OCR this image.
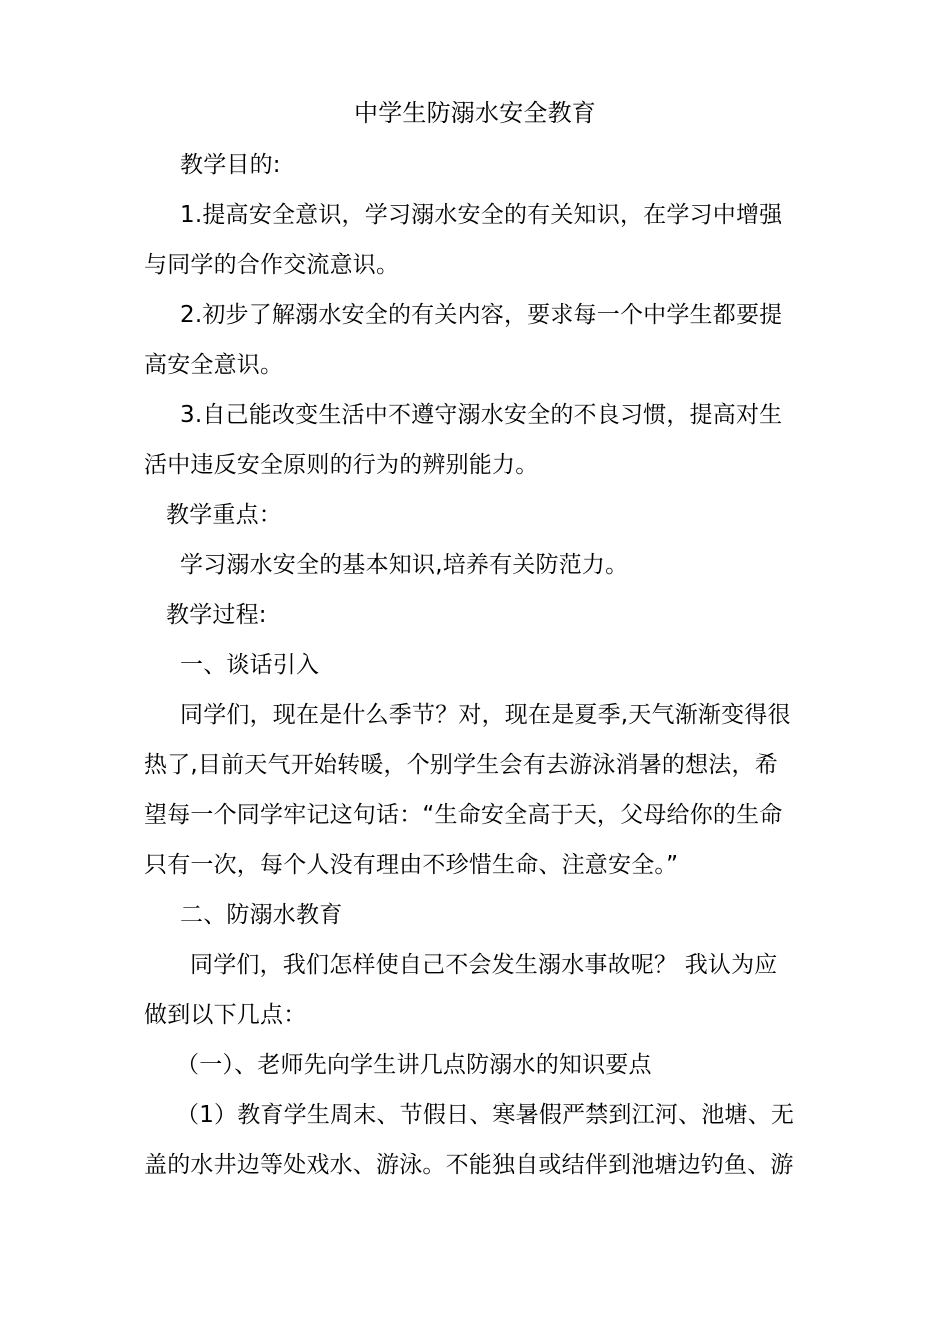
中学生防溺水安全教育
教学目的:
1.提高安全意识，学习溺水安全的有关知识，在学习中增强
与同学的合作交流意识。
2.初步了解溺水安全的有关内容，要求每一个中学生都要提
高安全意识。
3.自己能改变生活中不遵守溺水安全的不良习惯，提高对生
活中违反安全原则的行为的辨别能力。
教学重点：
学习溺水安全的基本知识,培养有关防范力。
教学过程:
一、谈话引入
同学们，现在是什么季节？对，现在是夏季,天气渐渐变得很
热了,目前天气开始转暖，个别学生会有去游泳消暑的想法，希
望每一个同学牢记这句话：“生命安全高于天，父母给你的生命
只有一次，每个人没有理由不珍惜生命、注意安全。”
二、防溺水教育
同学们，我们怎样使自己不会发生溺水事故呢？ 我认为应
做到以下几点：
（一）、老师先向学生讲几点防溺水的知识要点
（1）教育学生周末、节假日、寒暑假严禁到江河、池塘、无
盖的水井边等处戏水、游泳。不能独自或结伴到池塘边钓鱼、游
